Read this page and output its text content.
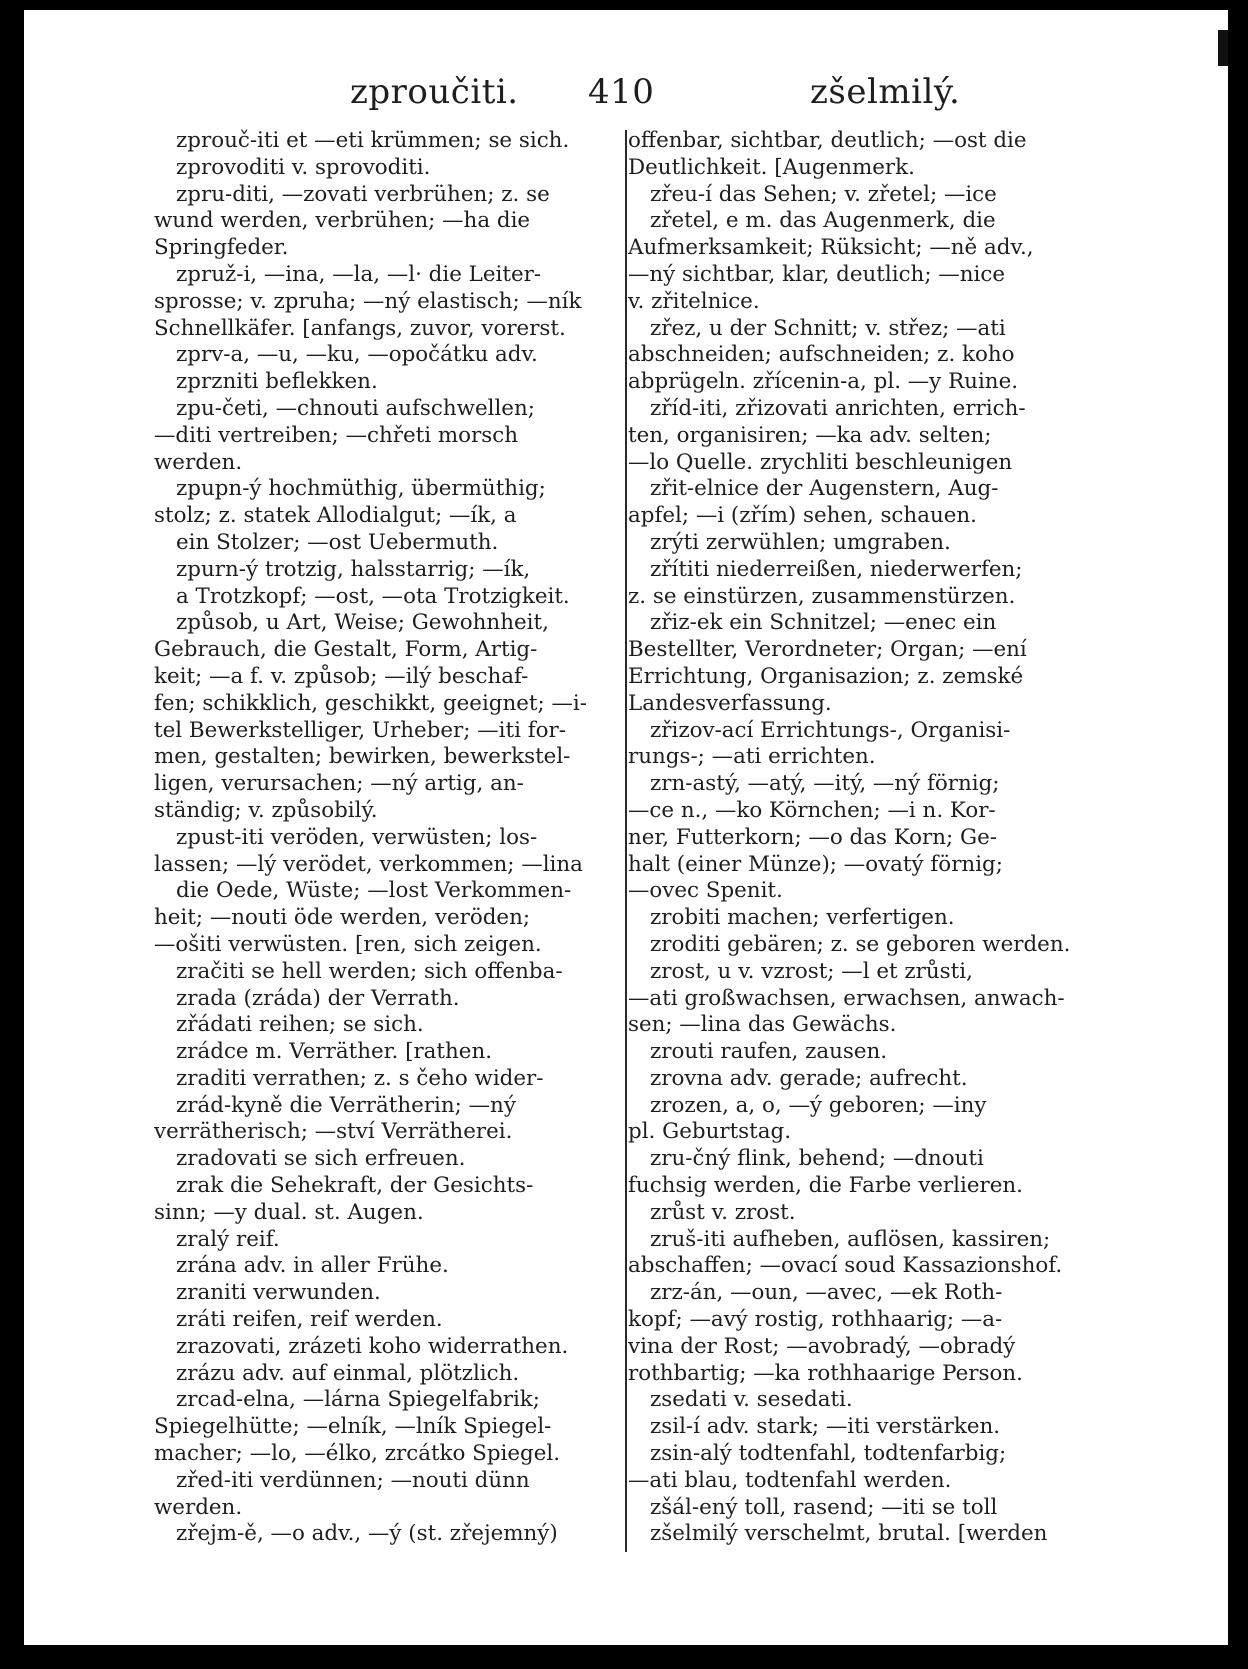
zproučiti. 410	zšelmilý.
zprouč-iti et —eti krümmen; se sich.
zprovoditi v. sprovoditi.
zpru-diti, —zovati verbrühen; z. se
wund werden, verbrühen; —ha die
Springfeder.
zpruž-i, —ina, —la, —l· die Leiter-
sprosse; v. zpruha; —ný elastisch; —ník
Schnellkäfer. [anfangs, zuvor, vorerst.
zprv-a, —u, —ku, —opočátku adv.
zprzniti beflekken.
zpu-četi, —chnouti aufschwellen;
—diti vertreiben; —chřeti morsch
werden.
zpupn-ý hochmüthig, übermüthig;
stolz; z. statek Allodialgut; —ík, a
ein Stolzer; —ost Uebermuth.
zpurn-ý trotzig, halsstarrig; —ík,
a Trotzkopf; —ost, —ota Trotzigkeit.
způsob, u Art, Weise; Gewohnheit,
Gebrauch, die Gestalt, Form, Artig-
keit; —a f. v. způsob; —ilý beschaf-
fen; schikklich, geschikkt, geeignet; —i-
tel Bewerkstelliger, Urheber; —iti for-
men, gestalten; bewirken, bewerkstel-
ligen, verursachen; —ný artig, an-
ständig; v. způsobilý.
zpust-iti veröden, verwüsten; los-
lassen; —lý verödet, verkommen; —lina
die Oede, Wüste; —lost Verkommen-
heit; —nouti öde werden, veröden;
—ošiti verwüsten. [ren, sich zeigen.
zračiti se hell werden; sich offenba-
zrada (zráda) der Verrath.
zřádati reihen; se sich.
zrádce m. Verräther. [rathen.
zraditi verrathen; z. s čeho wider-
zrád-kyně die Verrätherin; —ný
verrätherisch; —ství Verrätherei.
zradovati se sich erfreuen.
zrak die Sehekraft, der Gesichts-
sinn; —y dual. st. Augen.
zralý reif.
zrána adv. in aller Frühe.
zraniti verwunden.
zráti reifen, reif werden.
zrazovati, zrázeti koho widerrathen.
zrázu adv. auf einmal, plötzlich.
zrcad-elna, —lárna Spiegelfabrik;
Spiegelhütte; —elník, —lník Spiegel-
macher; —lo, —élko, zrcátko Spiegel.
zřed-iti verdünnen; —nouti dünn
werden.
zřejm-ě, —o adv., —ý (st. zřejemný)
offenbar, sichtbar, deutlich; —ost die
Deutlichkeit. [Augenmerk.
zřeu-í das Sehen; v. zřetel; —ice
zřetel, e m. das Augenmerk, die
Aufmerksamkeit; Rüksicht; —ně adv.,
—ný sichtbar, klar, deutlich; —nice
v. zřitelnice.
zřez, u der Schnitt; v. střez; —ati
abschneiden; aufschneiden; z. koho
abprügeln. zřícenin-a, pl. —y Ruine.
zříd-iti, zřizovati anrichten, errich-
ten, organisiren; —ka adv. selten;
—lo Quelle. zrychliti beschleunigen
zřit-elnice der Augenstern, Aug-
apfel; —i (zřím) sehen, schauen.
zrýti zerwühlen; umgraben.
zřítiti niederreißen, niederwerfen;
z. se einstürzen, zusammenstürzen.
zřiz-ek ein Schnitzel; —enec ein
Bestellter, Verordneter; Organ; —ení
Errichtung, Organisazion; z. zemské
Landesverfassung.
zřizov-ací Errichtungs-, Organisi-
rungs-; —ati errichten.
zrn-astý, —atý, —itý, —ný förnig;
—ce n., —ko Körnchen; —i n. Kor-
ner, Futterkorn; —o das Korn; Ge-
halt (einer Münze); —ovatý förnig;
—ovec Spenit.
zrobiti machen; verfertigen.
zroditi gebären; z. se geboren werden.
zrost, u v. vzrost; —l et zrůsti,
—ati großwachsen, erwachsen, anwach-
sen; —lina das Gewächs.
zrouti raufen, zausen.
zrovna adv. gerade; aufrecht.
zrozen, a, o, —ý geboren; —iny
pl. Geburtstag.
zru-čný flink, behend; —dnouti
fuchsig werden, die Farbe verlieren.
zrůst v. zrost.
zruš-iti aufheben, auflösen, kassiren;
abschaffen; —ovací soud Kassazionshof.
zrz-án, —oun, —avec, —ek Roth-
kopf; —avý rostig, rothhaarig; —a-
vina der Rost; —avobradý, —obradý
rothbartig; —ka rothhaarige Person.
zsedati v. sesedati.
zsil-í adv. stark; —iti verstärken.
zsin-alý todtenfahl, todtenfarbig;
—ati blau, todtenfahl werden.
zšál-ený toll, rasend; —iti se toll
zšelmilý verschelmt, brutal. [werden
